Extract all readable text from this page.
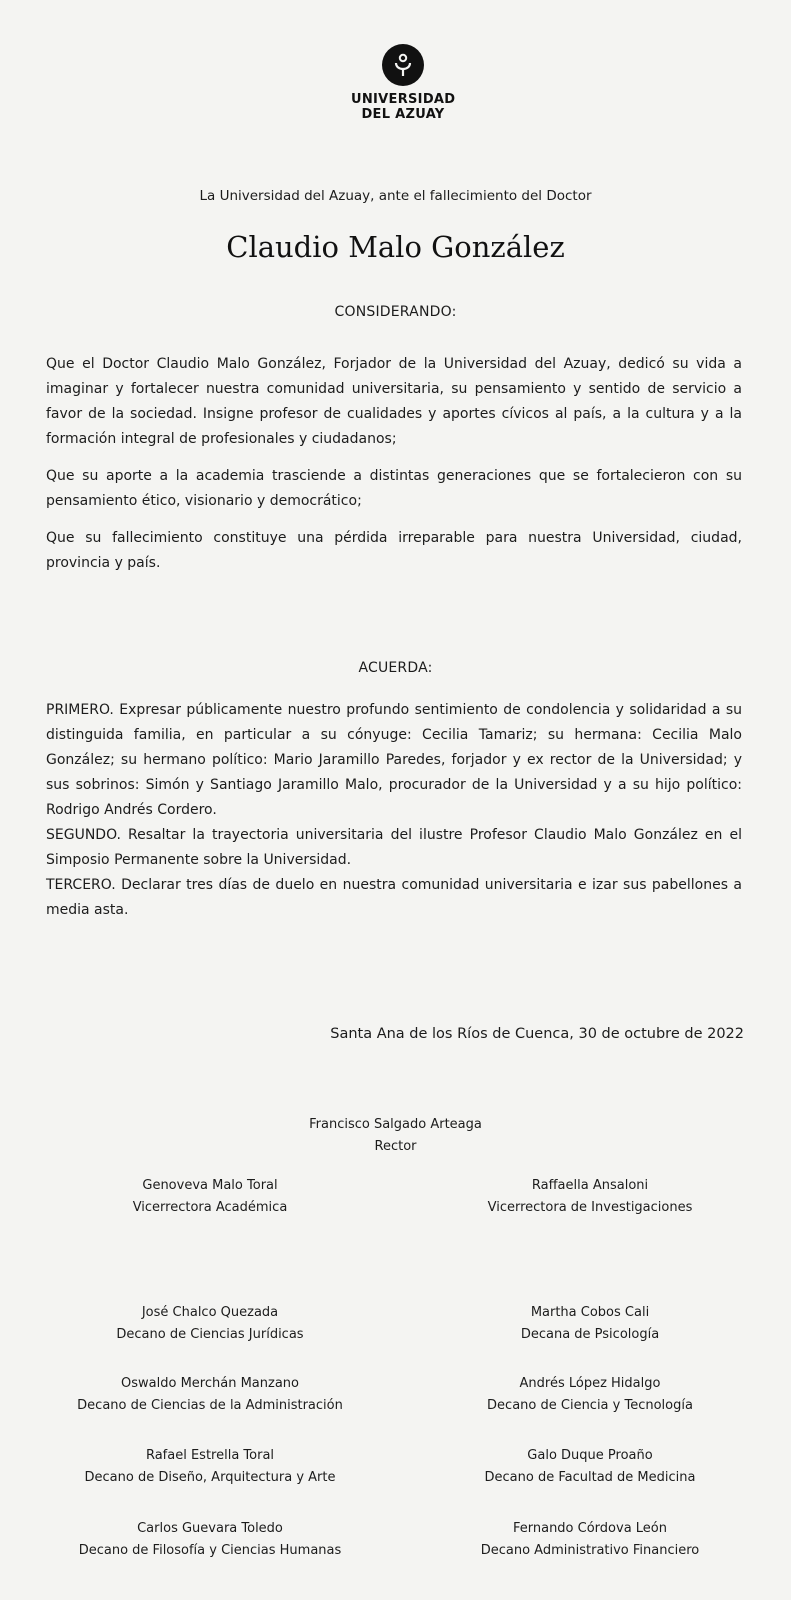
UNIVERSIDAD
DEL AZUAY
La Universidad del Azuay, ante el fallecimiento del Doctor
Claudio Malo González
CONSIDERANDO:

Que el Doctor Claudio Malo González, Forjador de la Universidad del Azuay, dedicó su vida a imaginar y fortalecer nuestra comunidad universitaria, su pensamiento y sentido de servicio a favor de la sociedad. Insigne profesor de cualidades y aportes cívicos al país, a la cultura y a la formación integral de profesionales y ciudadanos;

Que su aporte a la academia trasciende a distintas generaciones que se fortalecieron con su pensamiento ético, visionario y democrático;

Que su fallecimiento constituye una pérdida irreparable para nuestra Universidad, ciudad, provincia y país.

ACUERDA:

PRIMERO. Expresar públicamente nuestro profundo sentimiento de condolencia y solidaridad a su distinguida familia, en particular a su cónyuge: Cecilia Tamariz; su hermana: Cecilia Malo González; su hermano político: Mario Jaramillo Paredes, forjador y ex rector de la Universidad; y sus sobrinos: Simón y Santiago Jaramillo Malo, procurador de la Universidad y a su hijo político: Rodrigo Andrés Cordero.

SEGUNDO. Resaltar la trayectoria universitaria del ilustre Profesor Claudio Malo González en el Simposio Permanente sobre la Universidad.

TERCERO. Declarar tres días de duelo en nuestra comunidad universitaria e izar sus pabellones a media asta.

Santa Ana de los Ríos de Cuenca, 30 de octubre de 2022
Francisco Salgado Arteaga
Rector
Genoveva Malo Toral
Vicerrectora Académica
Raffaella Ansaloni
Vicerrectora de Investigaciones
José Chalco Quezada
Decano de Ciencias Jurídicas
Martha Cobos Cali
Decana de Psicología
Oswaldo Merchán Manzano
Decano de Ciencias de la Administración
Andrés López Hidalgo
Decano de Ciencia y Tecnología
Rafael Estrella Toral
Decano de Diseño, Arquitectura y Arte
Galo Duque Proaño
Decano de Facultad de Medicina
Carlos Guevara Toledo
Decano de Filosofía y Ciencias Humanas
Fernando Córdova León
Decano Administrativo Financiero
